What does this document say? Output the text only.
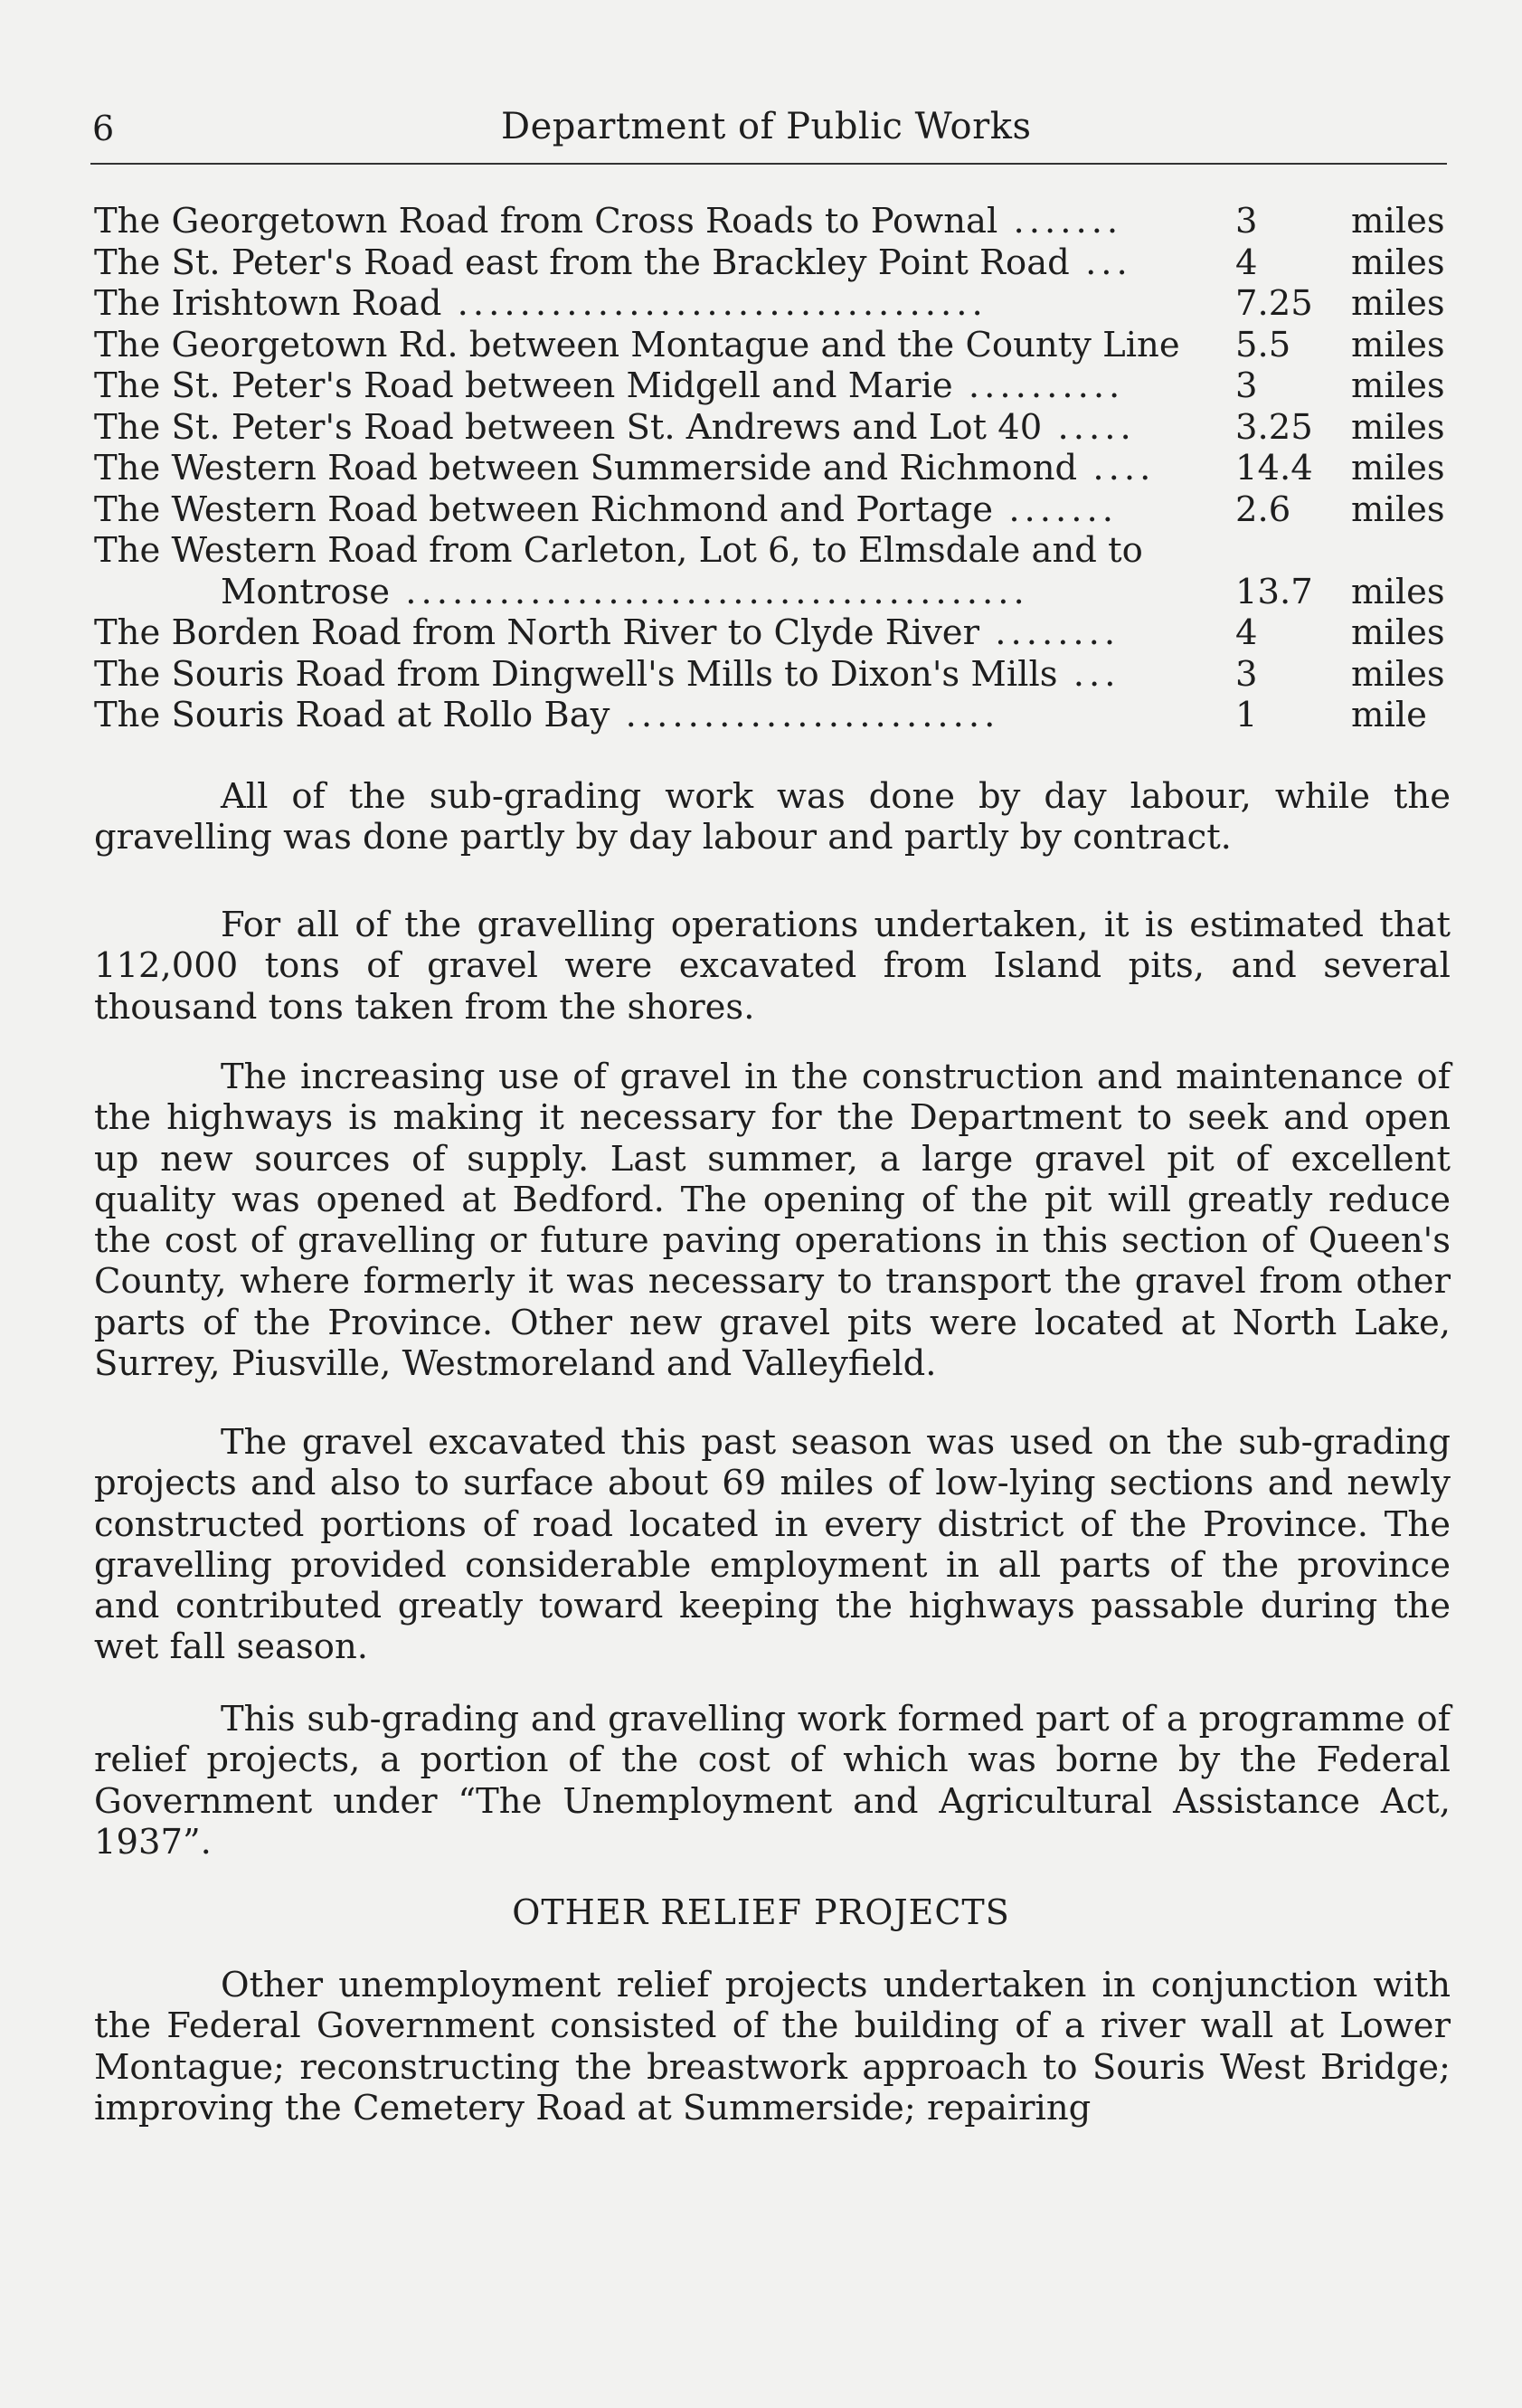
6	Department of Public Works
The Georgetown Road from Cross Roads to Pownal .......	3	miles
The St. Peter's Road east from the Brackley Point Road ...	4	miles
The Irishtown Road ..................................	7.25	miles
The Georgetown Rd. between Montague and the County Line	5.5	miles
The St. Peter's Road between Midgell and Marie ..........	3	miles
The St. Peter's Road between St. Andrews and Lot 40 .....	3.25	miles
The Western Road between Summerside and Richmond ....	14.4	miles
The Western Road between Richmond and Portage .......	2.6	miles
The Western Road from Carleton, Lot 6, to Elmsdale and to
Montrose ........................................	13.7	miles
The Borden Road from North River to Clyde River ........	4	miles
The Souris Road from Dingwell's Mills to Dixon's Mills ...	3	miles
The Souris Road at Rollo Bay ........................	1	mile

All of the sub-grading work was done by day labour, while the gravelling was done partly by day labour and partly by contract.

For all of the gravelling operations undertaken, it is estimated that 112,000 tons of gravel were excavated from Island pits, and several thousand tons taken from the shores.

The increasing use of gravel in the construction and maintenance of the highways is making it necessary for the Department to seek and open up new sources of supply. Last summer, a large gravel pit of excellent quality was opened at Bedford. The opening of the pit will greatly reduce the cost of gravelling or future paving operations in this section of Queen's County, where formerly it was necessary to transport the gravel from other parts of the Province. Other new gravel pits were located at North Lake, Surrey, Piusville, Westmoreland and Valleyfield.

The gravel excavated this past season was used on the sub-grading projects and also to surface about 69 miles of low-lying sections and newly constructed portions of road located in every district of the Province. The gravelling provided considerable employment in all parts of the province and contributed greatly toward keeping the highways passable during the wet fall season.

This sub-grading and gravelling work formed part of a programme of relief projects, a portion of the cost of which was borne by the Federal Government under “The Unemployment and Agricultural Assistance Act, 1937”.

OTHER RELIEF PROJECTS

Other unemployment relief projects undertaken in conjunction with the Federal Government consisted of the building of a river wall at Lower Montague; reconstructing the breastwork approach to Souris West Bridge; improving the Cemetery Road at Summerside; repairing
